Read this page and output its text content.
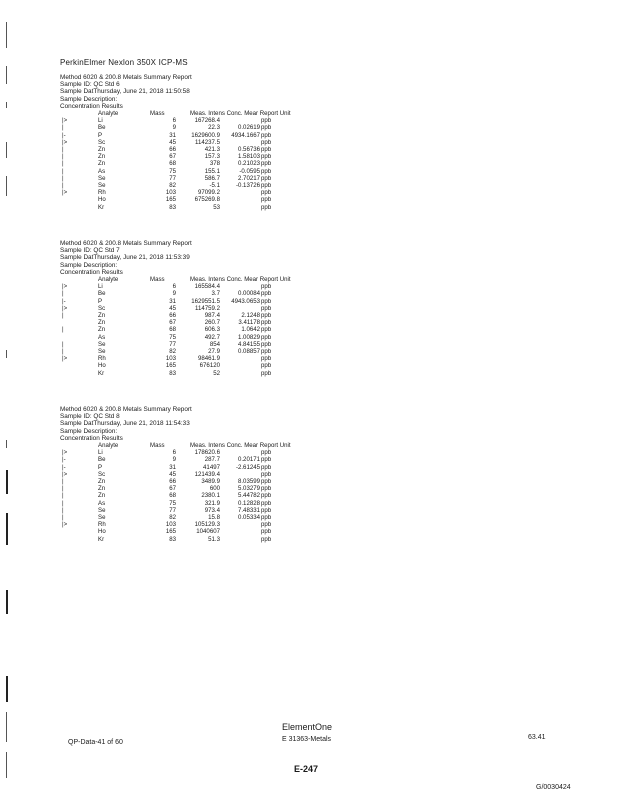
PerkinElmer Nexlon 350X ICP-MS
Method 6020 & 200.8 Metals Summary Report
Sample ID: QC Std 6
Sample DatThursday, June 21, 2018 11:50:58
Sample Description:
Concentration Results
Analyte	Mass	Meas. Intens Conc. Mear Report Unit
|>	Li	6	167268.4	ppb
|	Be	9	22.3	0.02619 ppb
|-	P	31	1629600.9	4934.1667 ppb
|>	Sc	45	114237.5	ppb
|	Zn	66	421.3	0.56736 ppb
|	Zn	67	157.3	1.58103 ppb
|	Zn	68	378	0.21023 ppb
|	As	75	155.1	-0.0595 ppb
|	Se	77	586.7	2.70217 ppb
|	Se	82	-5.1	-0.13726 ppb
|>	Rh	103	97099.2	ppb
Ho	165	675269.8	ppb
Kr	83	53	ppb
Method 6020 & 200.8 Metals Summary Report
Sample ID: QC Std 7
Sample DatThursday, June 21, 2018 11:53:39
Sample Description:
Concentration Results
Analyte	Mass	Meas. Intens Conc. Mear Report Unit
|>	Li	6	165584.4	ppb
|	Be	9	3.7	0.00084 ppb
|-	P	31	1629551.5	4943.0653 ppb
|>	Sc	45	114759.2	ppb
|	Zn	66	987.4	2.1248 ppb
Zn	67	260.7	3.41178 ppb
|	Zn	68	606.3	1.0642 ppb
As	75	492.7	1.00829 ppb
|	Se	77	854	4.84155 ppb
|	Se	82	27.9	0.08857 ppb
|>	Rh	103	98461.9	ppb
Ho	165	676120	ppb
Kr	83	52	ppb
Method 6020 & 200.8 Metals Summary Report
Sample ID: QC Std 8
Sample DatThursday, June 21, 2018 11:54:33
Sample Description:
Concentration Results
Analyte	Mass	Meas. Intens Conc. Mear Report Unit
|>	Li	6	178620.6	ppb
|-	Be	9	287.7	0.20171 ppb
|-	P	31	41497	-2.61245 ppb
|>	Sc	45	121439.4	ppb
|	Zn	66	3489.9	8.03599 ppb
|	Zn	67	600	5.03279 ppb
|	Zn	68	2380.1	5.44782 ppb
|	As	75	321.9	0.12828 ppb
|	Se	77	973.4	7.48331 ppb
|	Se	82	15.8	0.05334 ppb
|>	Rh	103	105129.3	ppb
Ho	165	1040607	ppb
Kr	83	51.3	ppb
QP-Data-41 of 60
ElementOne
E 31363-Metals	63.41
E-247
G/0030424
